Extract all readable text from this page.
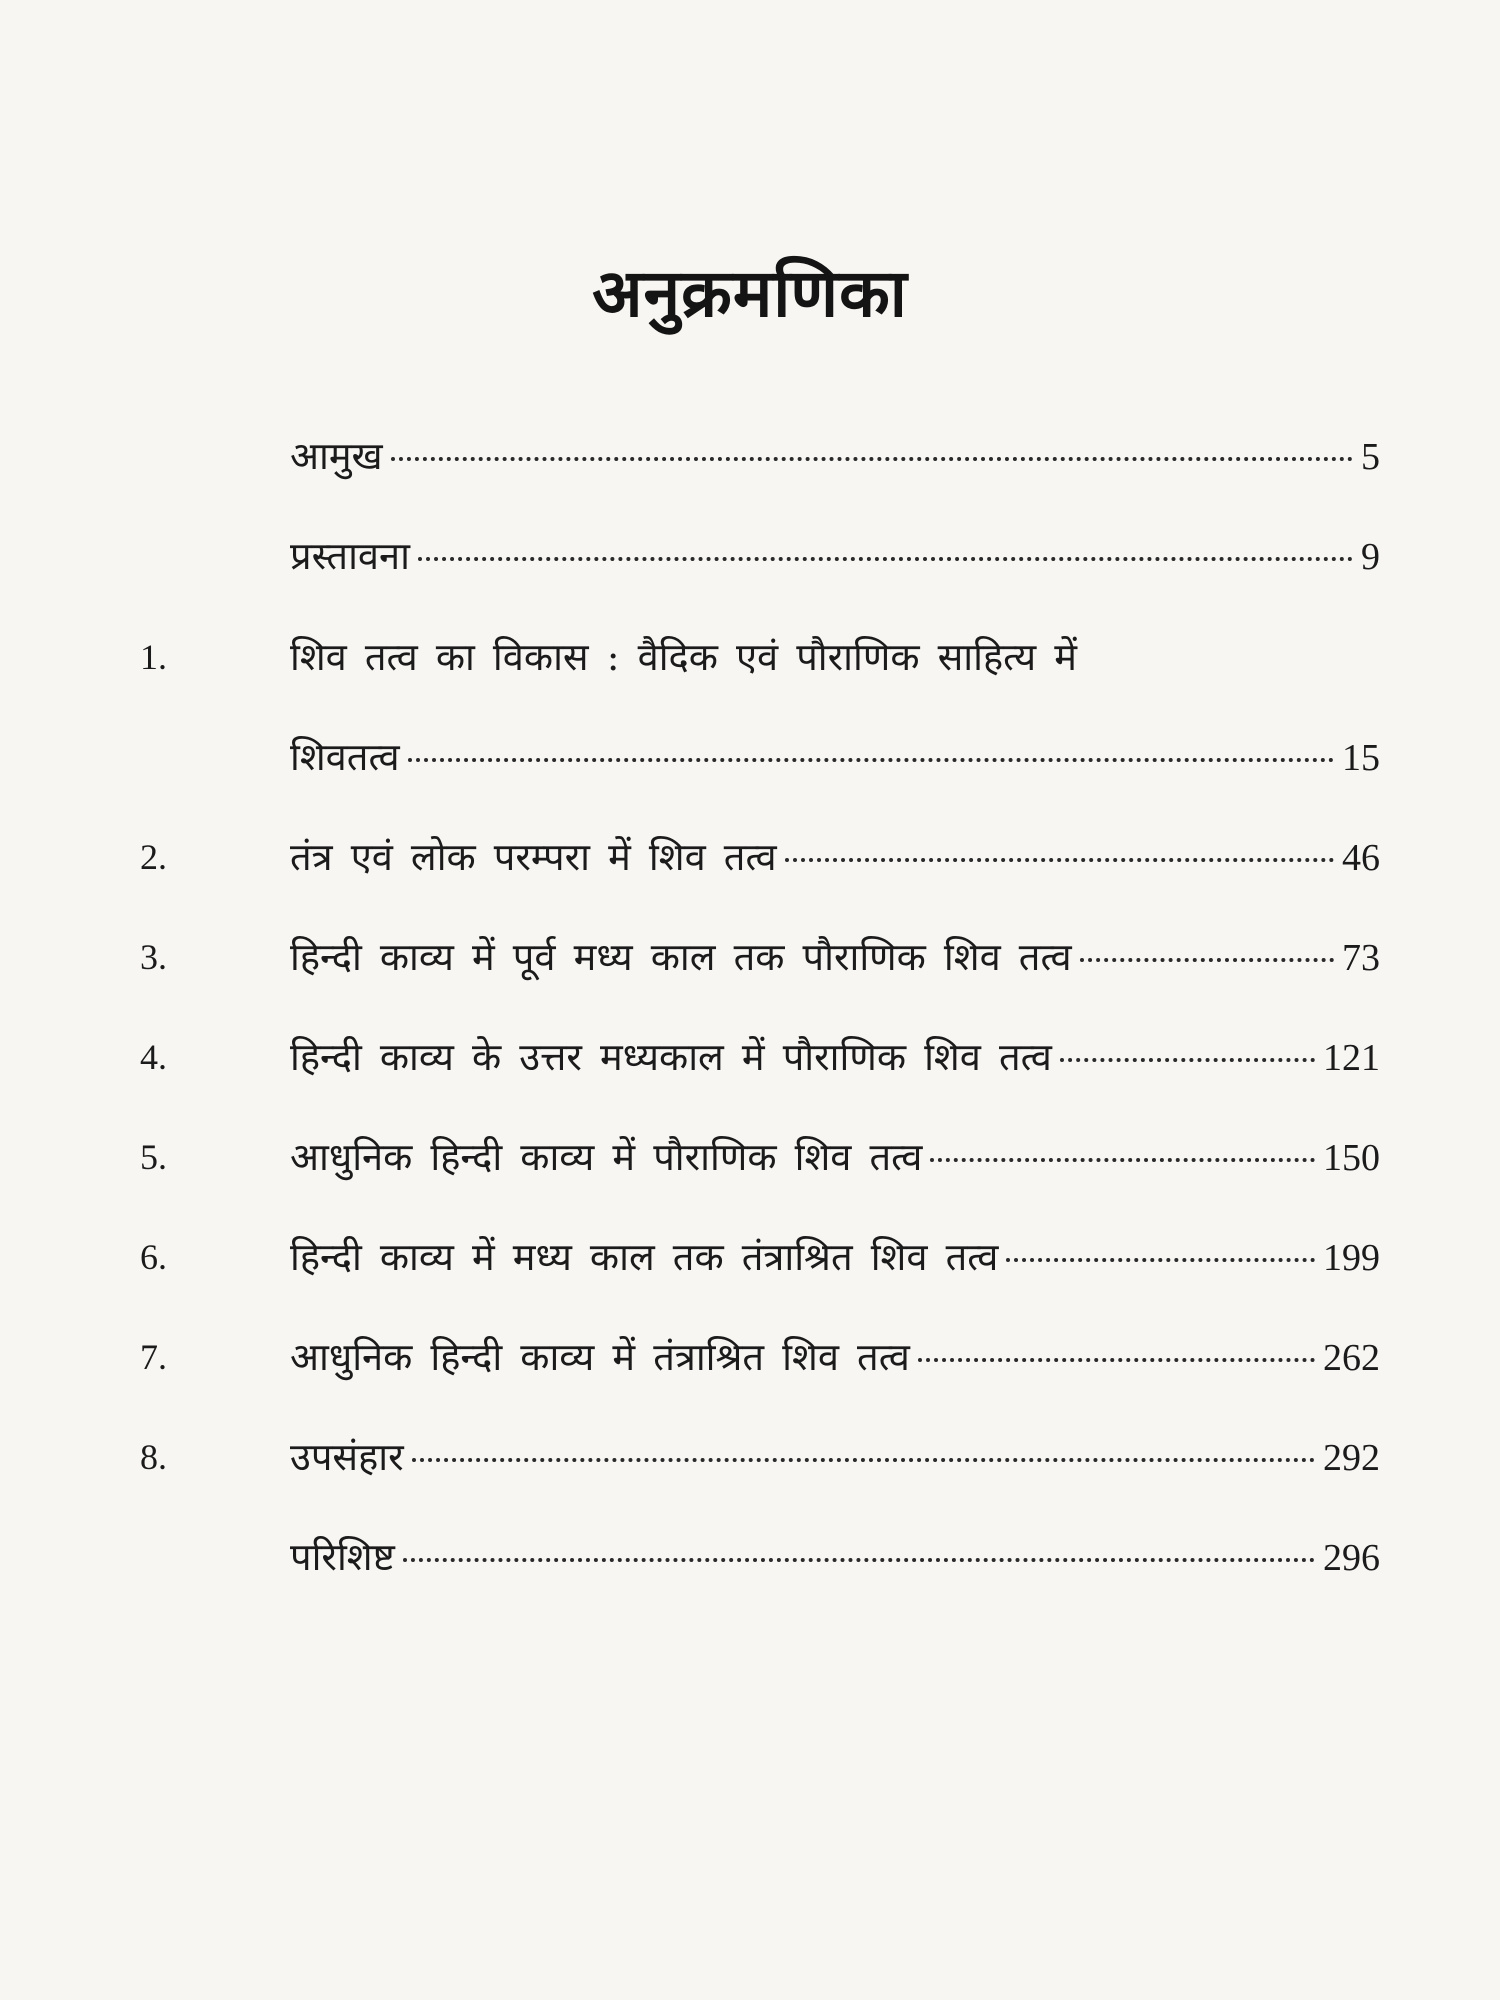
अनुक्रमणिका
आमुख	5
प्रस्तावना	9
1.	शिव तत्व का विकास : वैदिक एवं पौराणिक साहित्य में
शिवतत्व	15
2.	तंत्र एवं लोक परम्परा में शिव तत्व	46
3.	हिन्दी काव्य में पूर्व मध्य काल तक पौराणिक शिव तत्व	73
4.	हिन्दी काव्य के उत्तर मध्यकाल में पौराणिक शिव तत्व	121
5.	आधुनिक हिन्दी काव्य में पौराणिक शिव तत्व	150
6.	हिन्दी काव्य में मध्य काल तक तंत्राश्रित शिव तत्व	199
7.	आधुनिक हिन्दी काव्य में तंत्राश्रित शिव तत्व	262
8.	उपसंहार	292
परिशिष्ट	296
